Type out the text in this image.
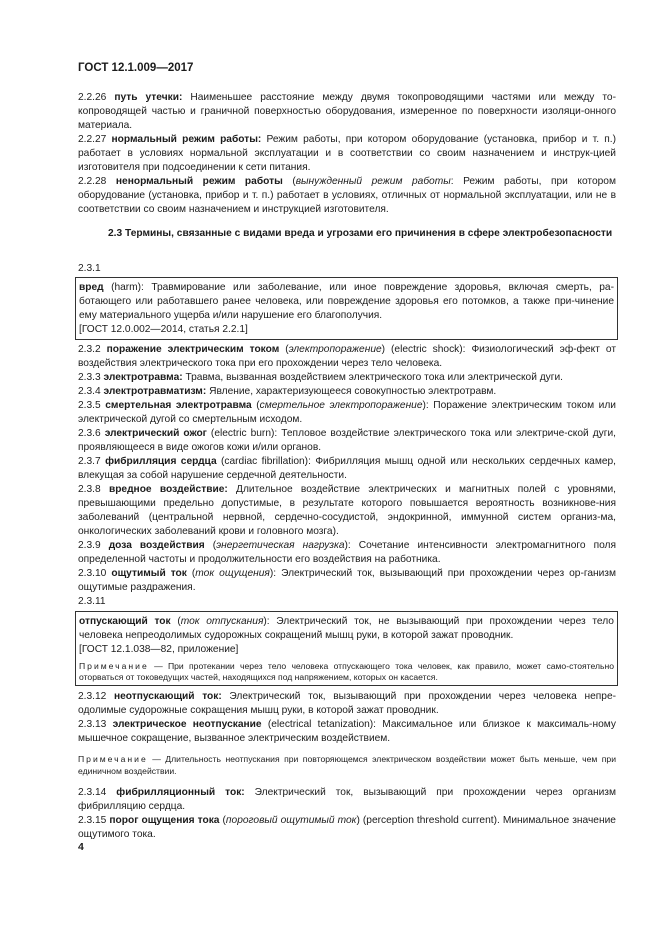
ГОСТ 12.1.009—2017
2.2.26 путь утечки: Наименьшее расстояние между двумя токопроводящими частями или между то-копроводящей частью и граничной поверхностью оборудования, измеренное по поверхности изоляци-онного материала.
2.2.27 нормальный режим работы: Режим работы, при котором оборудование (установка, прибор и т. п.) работает в условиях нормальной эксплуатации и в соответствии со своим назначением и инструк-цией изготовителя при подсоединении к сети питания.
2.2.28 ненормальный режим работы (вынужденный режим работы: Режим работы, при котором оборудование (установка, прибор и т. п.) работает в условиях, отличных от нормальной эксплуатации, или не в соответствии со своим назначением и инструкцией изготовителя.
2.3 Термины, связанные с видами вреда и угрозами его причинения в сфере электробезопасности
2.3.1
вред (harm): Травмирование или заболевание, или иное повреждение здоровья, включая смерть, ра-ботающего или работавшего ранее человека, или повреждение здоровья его потомков, а также при-чинение ему материального ущерба и/или нарушение его благополучия.
[ГОСТ 12.0.002—2014, статья 2.2.1]
2.3.2 поражение электрическим током (электропоражение) (electric shock): Физиологический эф-фект от воздействия электрического тока при его прохождении через тело человека.
2.3.3 электротравма: Травма, вызванная воздействием электрического тока или электрической дуги.
2.3.4 электротравматизм: Явление, характеризующееся совокупностью электротравм.
2.3.5 смертельная электротравма (смертельное электропоражение): Поражение электрическим током или электрической дугой со смертельным исходом.
2.3.6 электрический ожог (electric burn): Тепловое воздействие электрического тока или электриче-ской дуги, проявляющееся в виде ожогов кожи и/или органов.
2.3.7 фибрилляция сердца (cardiac fibrillation): Фибрилляция мышц одной или нескольких сердечных камер, влекущая за собой нарушение сердечной деятельности.
2.3.8 вредное воздействие: Длительное воздействие электрических и магнитных полей с уровнями, превышающими предельно допустимые, в результате которого повышается вероятность возникнове-ния заболеваний (центральной нервной, сердечно-сосудистой, эндокринной, иммунной систем организ-ма, онкологических заболеваний крови и головного мозга).
2.3.9 доза воздействия (энергетическая нагрузка): Сочетание интенсивности электромагнитного поля определенной частоты и продолжительности его воздействия на работника.
2.3.10 ощутимый ток (ток ощущения): Электрический ток, вызывающий при прохождении через ор-ганизм ощутимые раздражения.
2.3.11
отпускающий ток (ток отпускания): Электрический ток, не вызывающий при прохождении через тело человека непреодолимых судорожных сокращений мышц руки, в которой зажат проводник.
[ГОСТ 12.1.038—82, приложение]
Примечание — При протекании через тело человека отпускающего тока человек, как правило, может само-стоятельно оторваться от токоведущих частей, находящихся под напряжением, которых он касается.
2.3.12 неотпускающий ток: Электрический ток, вызывающий при прохождении через человека непре-одолимые судорожные сокращения мышц руки, в которой зажат проводник.
2.3.13 электрическое неотпускание (electrical tetanization): Максимальное или близкое к максималь-ному мышечное сокращение, вызванное электрическим воздействием.
Примечание — Длительность неотпускания при повторяющемся электрическом воздействии может быть меньше, чем при единичном воздействии.
2.3.14 фибрилляционный ток: Электрический ток, вызывающий при прохождении через организм фибрилляцию сердца.
2.3.15 порог ощущения тока (пороговый ощутимый ток) (perception threshold current). Минимальное значение ощутимого тока.
4
